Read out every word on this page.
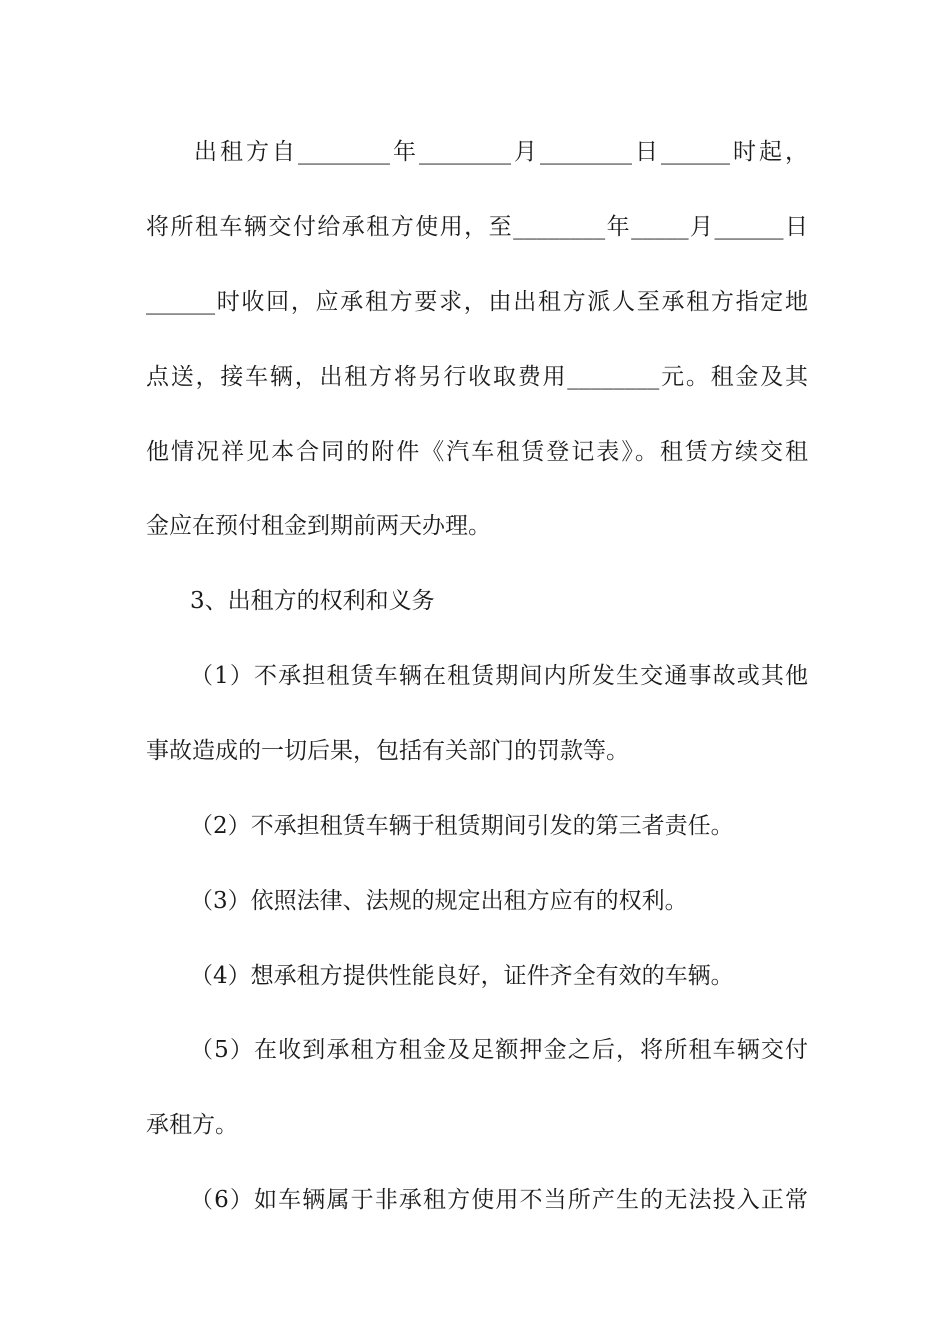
出租方自________年________月________日______时起，
将所租车辆交付给承租方使用，至________年_____月______日
______时收回，应承租方要求，由出租方派人至承租方指定地
点送，接车辆，出租方将另行收取费用________元。租金及其
他情况祥见本合同的附件《汽车租赁登记表》。租赁方续交租
金应在预付租金到期前两天办理。
3、出租方的权利和义务
（1）不承担租赁车辆在租赁期间内所发生交通事故或其他
事故造成的一切后果，包括有关部门的罚款等。
（2）不承担租赁车辆于租赁期间引发的第三者责任。
（3）依照法律、法规的规定出租方应有的权利。
（4）想承租方提供性能良好，证件齐全有效的车辆。
（5）在收到承租方租金及足额押金之后，将所租车辆交付
承租方。
（6）如车辆属于非承租方使用不当所产生的无法投入正常
